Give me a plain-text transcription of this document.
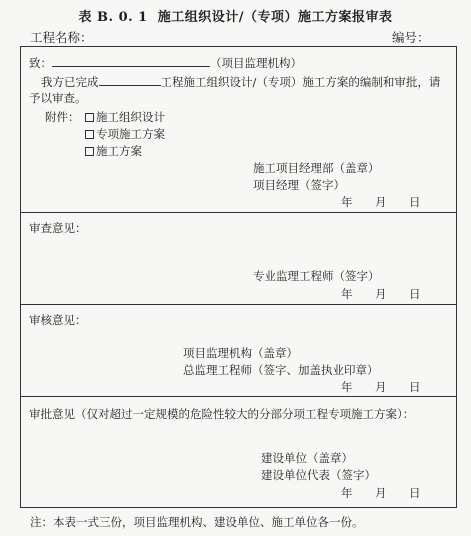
表 B. 0. 1 施工组织设计/（专项）施工方案报审表
工程名称：	编号：
致：	（项目监理机构）
我方已完成	工程施工组织设计/（专项）施工方案的编制和审批，请
予以审查。
附件：	施工组织设计
专项施工方案
施工方案
施工项目经理部（盖章）
项目经理（签字）
年 月 日
审查意见：
专业监理工程师（签字）
年 月 日
审核意见：
项目监理机构（盖章）
总监理工程师（签字、加盖执业印章）
年 月 日
审批意见（仅对超过一定规模的危险性较大的分部分项工程专项施工方案）：
建设单位（盖章）
建设单位代表（签字）
年 月 日
注：本表一式三份，项目监理机构、建设单位、施工单位各一份。
